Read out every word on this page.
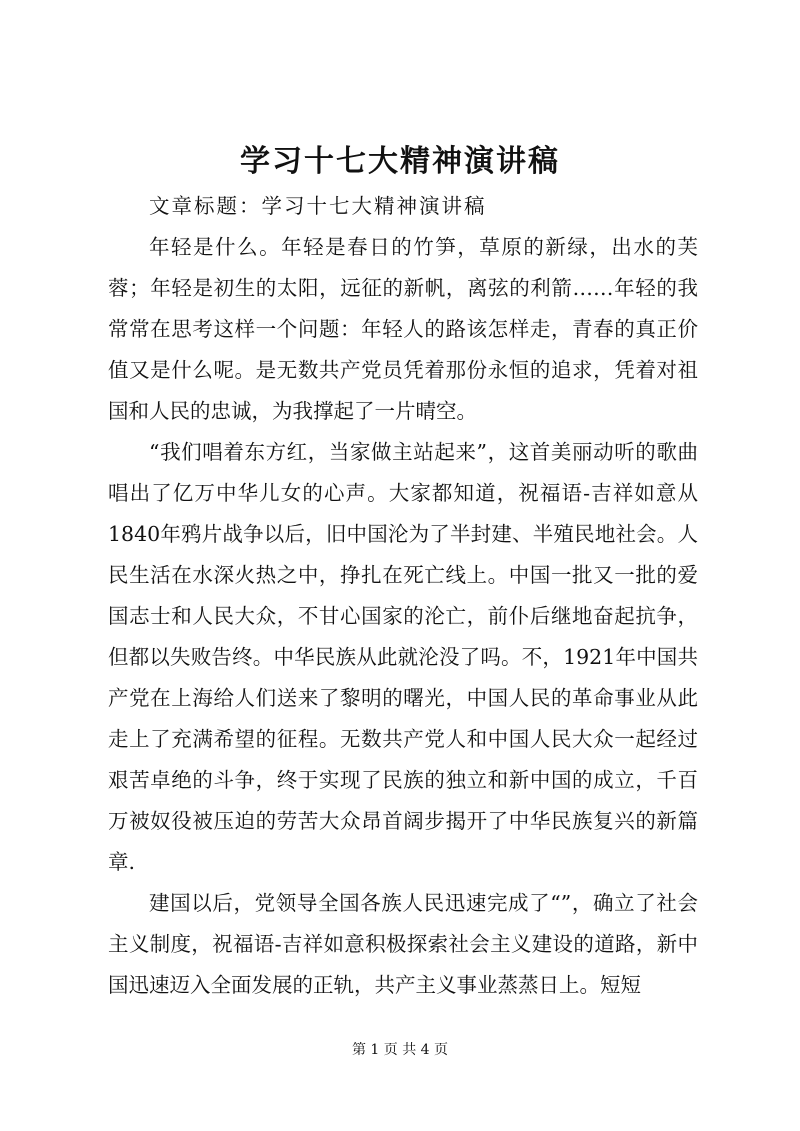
学习十七大精神演讲稿

文章标题：学习十七大精神演讲稿

年轻是什么。年轻是春日的竹笋，草原的新绿，出水的芙蓉；年轻是初生的太阳，远征的新帆，离弦的利箭……年轻的我常常在思考这样一个问题：年轻人的路该怎样走，青春的真正价值又是什么呢。是无数共产党员凭着那份永恒的追求，凭着对祖国和人民的忠诚，为我撑起了一片晴空。

“我们唱着东方红，当家做主站起来”，这首美丽动听的歌曲唱出了亿万中华儿女的心声。大家都知道，祝福语-吉祥如意从1840年鸦片战争以后，旧中国沦为了半封建、半殖民地社会。人民生活在水深火热之中，挣扎在死亡线上。中国一批又一批的爱国志士和人民大众，不甘心国家的沦亡，前仆后继地奋起抗争，但都以失败告终。中华民族从此就沦没了吗。不，1921年中国共产党在上海给人们送来了黎明的曙光，中国人民的革命事业从此走上了充满希望的征程。无数共产党人和中国人民大众一起经过艰苦卓绝的斗争，终于实现了民族的独立和新中国的成立，千百万被奴役被压迫的劳苦大众昂首阔步揭开了中华民族复兴的新篇章.

建国以后，党领导全国各族人民迅速完成了“”，确立了社会主义制度，祝福语-吉祥如意积极探索社会主义建设的道路，新中国迅速迈入全面发展的正轨，共产主义事业蒸蒸日上。短短

第 1 页 共 4 页
